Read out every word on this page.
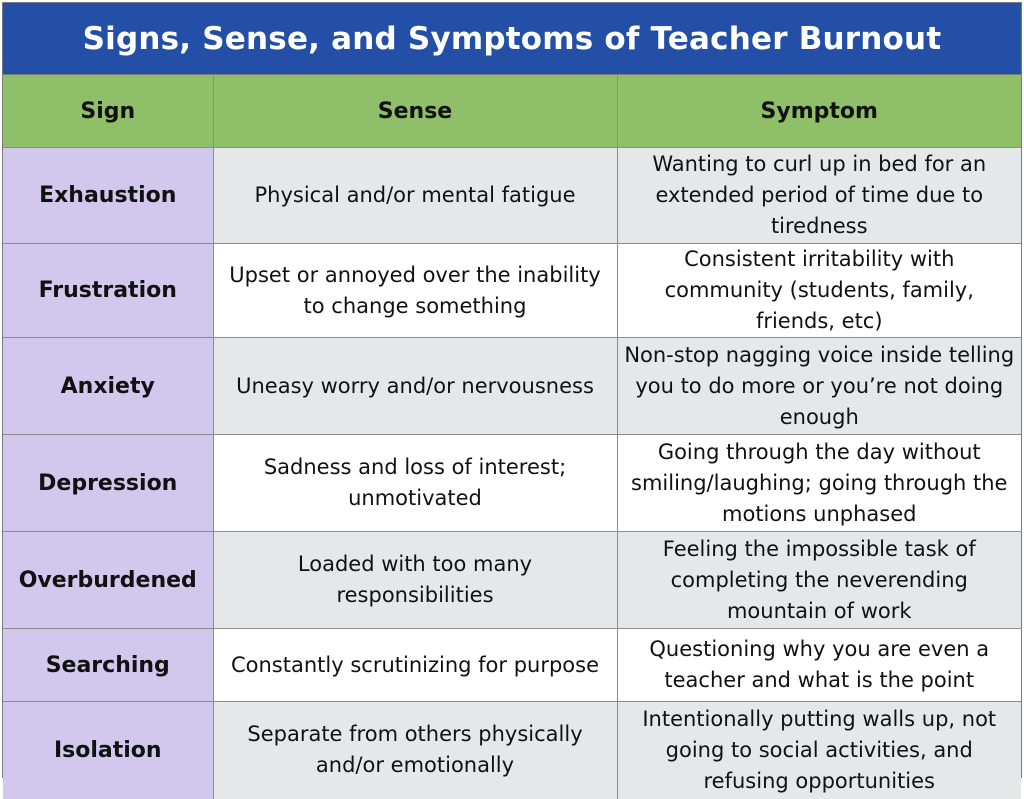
Signs, Sense, and Symptoms of Teacher Burnout
Sign	Sense	Symptom
Exhaustion	Physical and/or mental fatigue	Wanting to curl up in bed for an extended period of time due to tiredness
Frustration	Upset or annoyed over the inability to change something	Consistent irritability with community (students, family, friends, etc)
Anxiety	Uneasy worry and/or nervousness	Non-stop nagging voice inside telling you to do more or you’re not doing enough
Depression	Sadness and loss of interest; unmotivated	Going through the day without smiling/laughing; going through the motions unphased
Overburdened	Loaded with too many responsibilities	Feeling the impossible task of completing the neverending mountain of work
Searching	Constantly scrutinizing for purpose	Questioning why you are even a teacher and what is the point
Isolation	Separate from others physically and/or emotionally	Intentionally putting walls up, not going to social activities, and refusing opportunities
